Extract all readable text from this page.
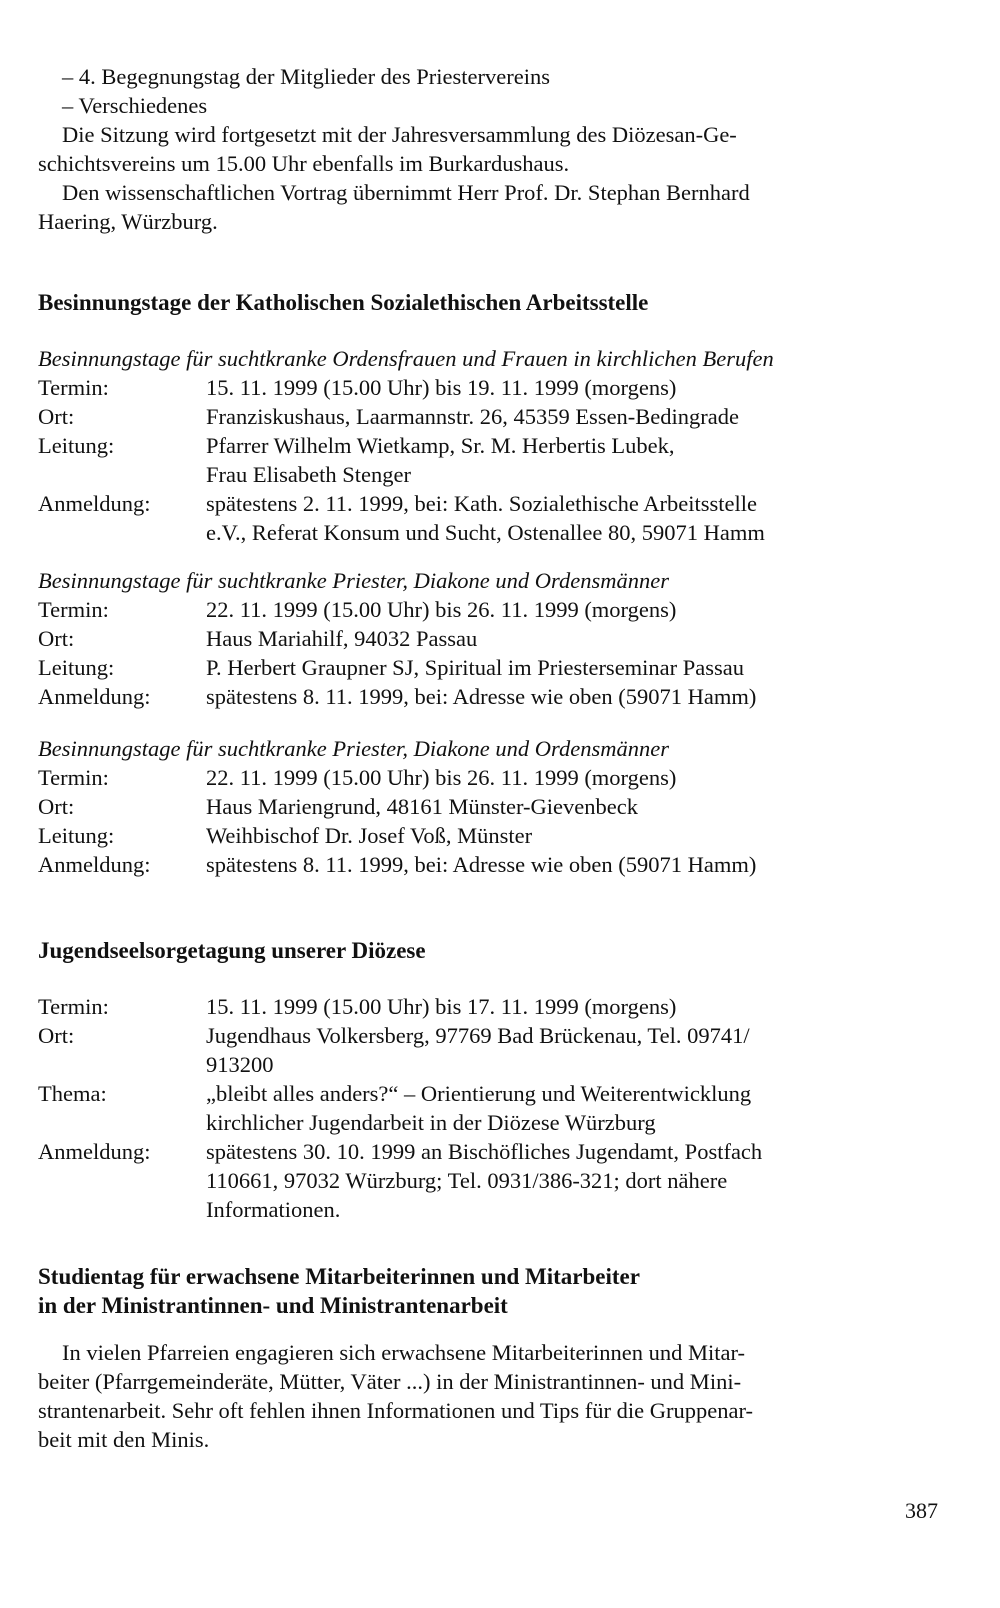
– 4. Begegnungstag der Mitglieder des Priestervereins
– Verschiedenes
Die Sitzung wird fortgesetzt mit der Jahresversammlung des Diözesan-Ge-
schichtsvereins um 15.00 Uhr ebenfalls im Burkardushaus.
Den wissenschaftlichen Vortrag übernimmt Herr Prof. Dr. Stephan Bernhard
Haering, Würzburg.
Besinnungstage der Katholischen Sozialethischen Arbeitsstelle
Besinnungstage für suchtkranke Ordensfrauen und Frauen in kirchlichen Berufen
Termin:	15. 11. 1999 (15.00 Uhr) bis 19. 11. 1999 (morgens)
Ort:	Franziskushaus, Laarmannstr. 26, 45359 Essen-Bedingrade
Leitung:	Pfarrer Wilhelm Wietkamp, Sr. M. Herbertis Lubek,
Frau Elisabeth Stenger
Anmeldung:	spätestens 2. 11. 1999, bei: Kath. Sozialethische Arbeitsstelle
e.V., Referat Konsum und Sucht, Ostenallee 80, 59071 Hamm
Besinnungstage für suchtkranke Priester, Diakone und Ordensmänner
Termin:	22. 11. 1999 (15.00 Uhr) bis 26. 11. 1999 (morgens)
Ort:	Haus Mariahilf, 94032 Passau
Leitung:	P. Herbert Graupner SJ, Spiritual im Priesterseminar Passau
Anmeldung:	spätestens 8. 11. 1999, bei: Adresse wie oben (59071 Hamm)
Besinnungstage für suchtkranke Priester, Diakone und Ordensmänner
Termin:	22. 11. 1999 (15.00 Uhr) bis 26. 11. 1999 (morgens)
Ort:	Haus Mariengrund, 48161 Münster-Gievenbeck
Leitung:	Weihbischof Dr. Josef Voß, Münster
Anmeldung:	spätestens 8. 11. 1999, bei: Adresse wie oben (59071 Hamm)
Jugendseelsorgetagung unserer Diözese
Termin:	15. 11. 1999 (15.00 Uhr) bis 17. 11. 1999 (morgens)
Ort:	Jugendhaus Volkersberg, 97769 Bad Brückenau, Tel. 09741/
913200
Thema:	„bleibt alles anders?“ – Orientierung und Weiterentwicklung
kirchlicher Jugendarbeit in der Diözese Würzburg
Anmeldung:	spätestens 30. 10. 1999 an Bischöfliches Jugendamt, Postfach
110661, 97032 Würzburg; Tel. 0931/386-321; dort nähere
Informationen.
Studientag für erwachsene Mitarbeiterinnen und Mitarbeiter
in der Ministrantinnen- und Ministrantenarbeit
In vielen Pfarreien engagieren sich erwachsene Mitarbeiterinnen und Mitar-
beiter (Pfarrgemeinderäte, Mütter, Väter ...) in der Ministrantinnen- und Mini-
strantenarbeit. Sehr oft fehlen ihnen Informationen und Tips für die Gruppenar-
beit mit den Minis.
387
